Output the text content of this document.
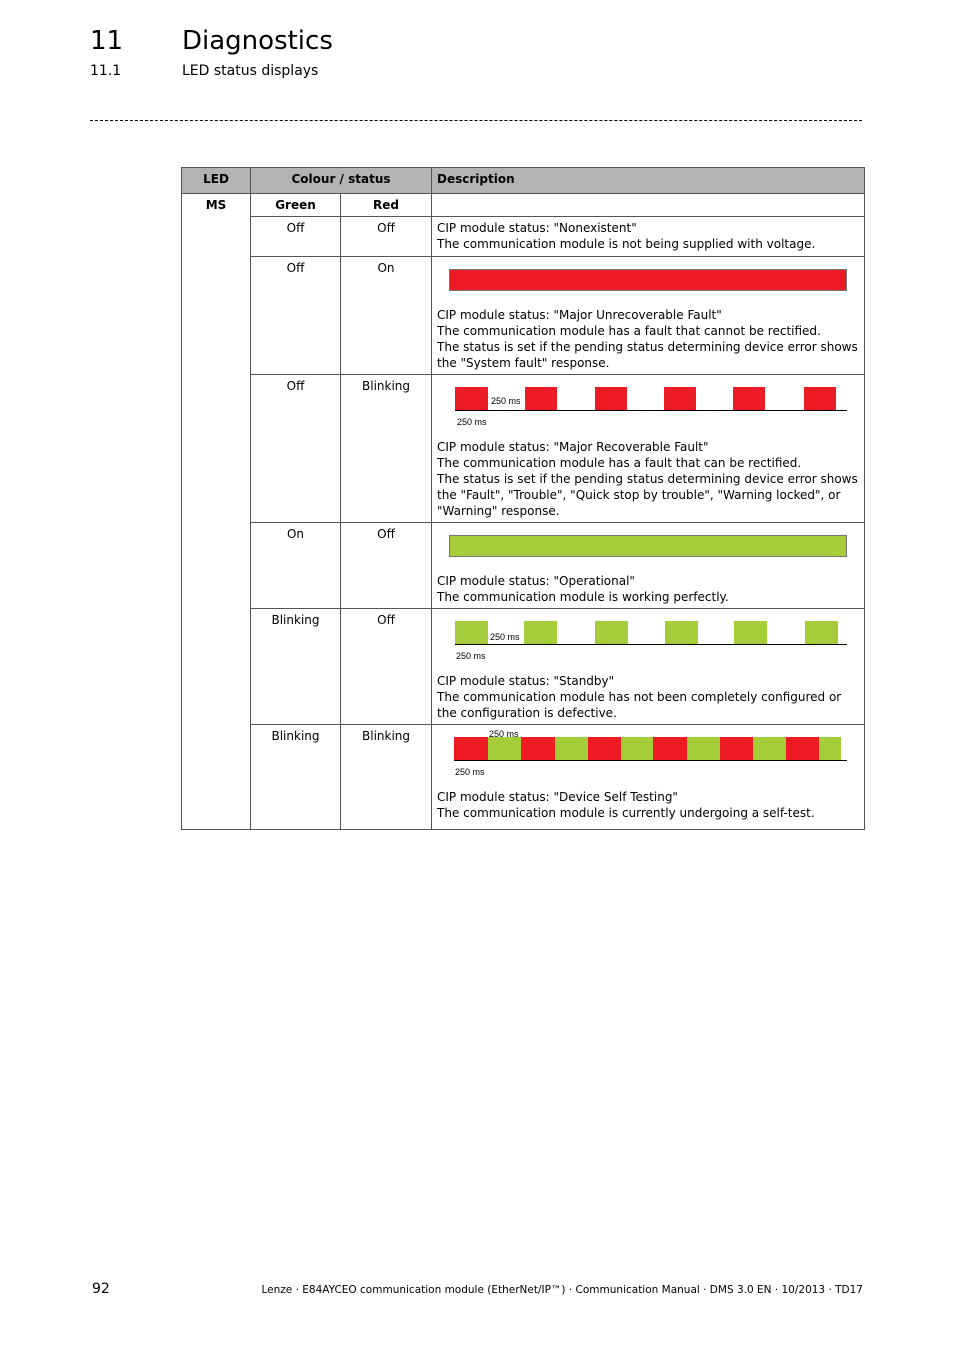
11 Diagnostics
11.1	LED status displays
LED	Colour / status		Description
MS	Green	Red	
	Off	Off	CIP module status: "Nonexistent"

The communication module is not being supplied with voltage.

	Off	On	CIP module status: "Major Unrecoverable Fault"

The communication module has a fault that cannot be rectified.

The status is set if the pending status determining device error shows the "System fault" response.

	Off	Blinking	250 ms
250 ms

CIP module status: "Major Recoverable Fault"

The communication module has a fault that can be rectified.

The status is set if the pending status determining device error shows the "Fault", "Trouble", "Quick stop by trouble", "Warning locked", or "Warning" response.

	On	Off	CIP module status: "Operational"

The communication module is working perfectly.

	Blinking	Off	250 ms
250 ms

CIP module status: "Standby"

The communication module has not been completely configured or the configuration is defective.

	Blinking	Blinking	250 ms
250 ms

CIP module status: "Device Self Testing"

The communication module is currently undergoing a self-test.

92	Lenze · E84AYCEO communication module (EtherNet/IP™) · Communication Manual · DMS 3.0 EN · 10/2013 · TD17
